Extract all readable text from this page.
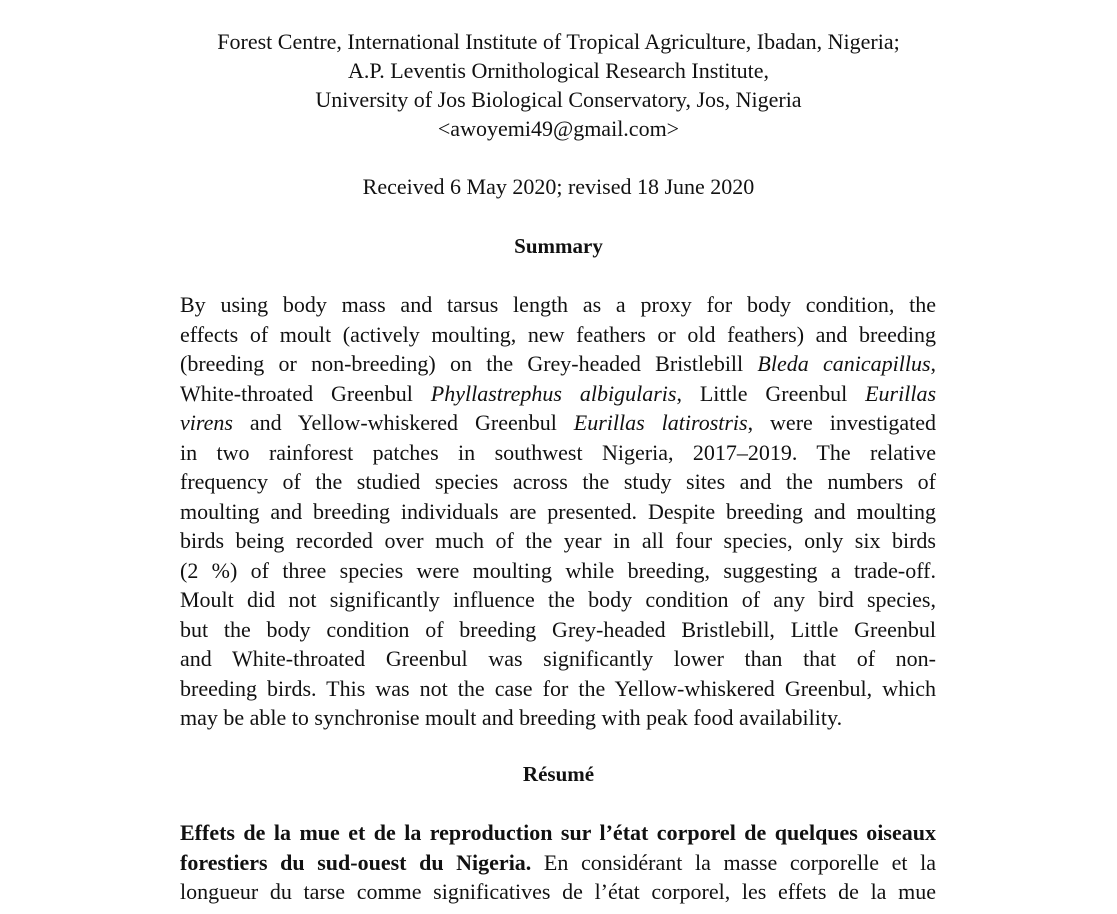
Forest Centre, International Institute of Tropical Agriculture, Ibadan, Nigeria;
A.P. Leventis Ornithological Research Institute,
University of Jos Biological Conservatory, Jos, Nigeria
<awoyemi49@gmail.com>
Received 6 May 2020; revised 18 June 2020
Summary
By using body mass and tarsus length as a proxy for body condition, the
effects of moult (actively moulting, new feathers or old feathers) and breeding
(breeding or non-breeding) on the Grey-headed Bristlebill Bleda canicapillus,
White-throated Greenbul Phyllastrephus albigularis, Little Greenbul Eurillas
virens and Yellow-whiskered Greenbul Eurillas latirostris, were investigated
in two rainforest patches in southwest Nigeria, 2017–2019. The relative
frequency of the studied species across the study sites and the numbers of
moulting and breeding individuals are presented. Despite breeding and moulting
birds being recorded over much of the year in all four species, only six birds
(2 %) of three species were moulting while breeding, suggesting a trade-off.
Moult did not significantly influence the body condition of any bird species,
but the body condition of breeding Grey-headed Bristlebill, Little Greenbul
and White-throated Greenbul was significantly lower than that of non-
breeding birds. This was not the case for the Yellow-whiskered Greenbul, which
may be able to synchronise moult and breeding with peak food availability.
Résumé
Effets de la mue et de la reproduction sur l’état corporel de quelques oiseaux
forestiers du sud-ouest du Nigeria. En considérant la masse corporelle et la
longueur du tarse comme significatives de l’état corporel, les effets de la mue
